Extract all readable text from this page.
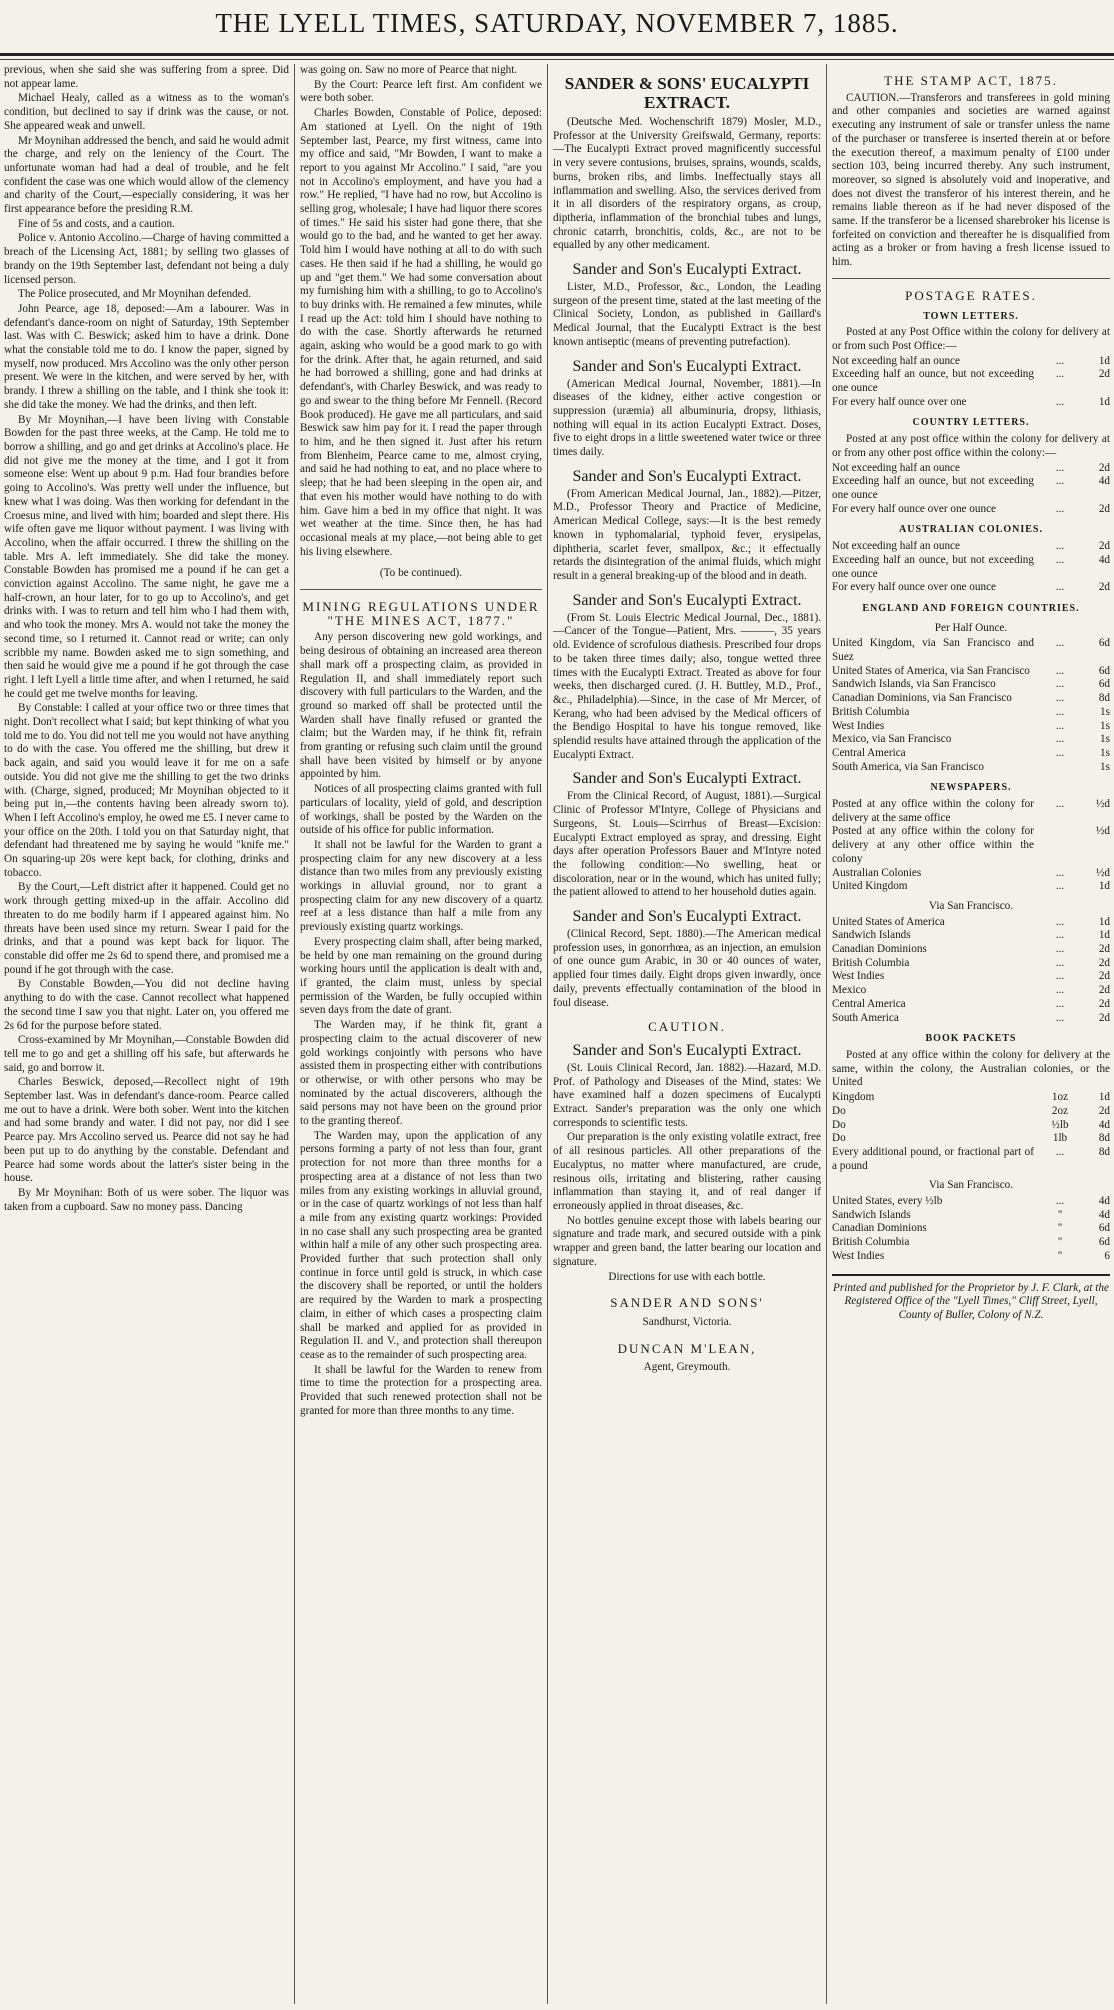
THE LYELL TIMES, SATURDAY, NOVEMBER 7, 1885.

previous, when she said she was suffering from a spree. Did not appear lame.

Michael Healy, called as a witness as to the woman's condition, but declined to say if drink was the cause, or not. She appeared weak and unwell.

Mr Moynihan addressed the bench, and said he would admit the charge, and rely on the leniency of the Court. The unfortunate woman had had a deal of trouble, and he felt confident the case was one which would allow of the clemency and charity of the Court,—especially considering, it was her first appearance before the presiding R.M.

Fine of 5s and costs, and a caution.

Police v. Antonio Accolino.—Charge of having committed a breach of the Licensing Act, 1881; by selling two glasses of brandy on the 19th September last, defendant not being a duly licensed person.

The Police prosecuted, and Mr Moynihan defended.

John Pearce, age 18, deposed:—Am a labourer. Was in defendant's dance-room on night of Saturday, 19th September last. Was with C. Beswick; asked him to have a drink. Done what the constable told me to do. I know the paper, signed by myself, now produced. Mrs Accolino was the only other person present. We were in the kitchen, and were served by her, with brandy. I threw a shilling on the table, and I think she took it: she did take the money. We had the drinks, and then left.

By Mr Moynihan,—I have been living with Constable Bowden for the past three weeks, at the Camp. He told me to borrow a shilling, and go and get drinks at Accolino's place. He did not give me the money at the time, and I got it from someone else: Went up about 9 p.m. Had four brandies before going to Accolino's. Was pretty well under the influence, but knew what I was doing. Was then working for defendant in the Croesus mine, and lived with him; boarded and slept there. His wife often gave me liquor without payment. I was living with Accolino, when the affair occurred. I threw the shilling on the table. Mrs A. left immediately. She did take the money. Constable Bowden has promised me a pound if he can get a conviction against Accolino. The same night, he gave me a half-crown, an hour later, for to go up to Accolino's, and get drinks with. I was to return and tell him who I had them with, and who took the money. Mrs A. would not take the money the second time, so I returned it. Cannot read or write; can only scribble my name. Bowden asked me to sign something, and then said he would give me a pound if he got through the case right. I left Lyell a little time after, and when I returned, he said he could get me twelve months for leaving.

By Constable: I called at your office two or three times that night. Don't recollect what I said; but kept thinking of what you told me to do. You did not tell me you would not have anything to do with the case. You offered me the shilling, but drew it back again, and said you would leave it for me on a safe outside. You did not give me the shilling to get the two drinks with. (Charge, signed, produced; Mr Moynihan objected to it being put in,—the contents having been already sworn to). When I left Accolino's employ, he owed me £5. I never came to your office on the 20th. I told you on that Saturday night, that defendant had threatened me by saying he would "knife me." On squaring-up 20s were kept back, for clothing, drinks and tobacco.

By the Court,—Left district after it happened. Could get no work through getting mixed-up in the affair. Accolino did threaten to do me bodily harm if I appeared against him. No threats have been used since my return. Swear I paid for the drinks, and that a pound was kept back for liquor. The constable did offer me 2s 6d to spend there, and promised me a pound if he got through with the case.

By Constable Bowden,—You did not decline having anything to do with the case. Cannot recollect what happened the second time I saw you that night. Later on, you offered me 2s 6d for the purpose before stated.

Cross-examined by Mr Moynihan,—Constable Bowden did tell me to go and get a shilling off his safe, but afterwards he said, go and borrow it.

Charles Beswick, deposed,—Recollect night of 19th September last. Was in defendant's dance-room. Pearce called me out to have a drink. Were both sober. Went into the kitchen and had some brandy and water. I did not pay, nor did I see Pearce pay. Mrs Accolino served us. Pearce did not say he had been put up to do anything by the constable. Defendant and Pearce had some words about the latter's sister being in the house.

By Mr Moynihan: Both of us were sober. The liquor was taken from a cupboard. Saw no money pass. Dancing

was going on. Saw no more of Pearce that night.

By the Court: Pearce left first. Am confident we were both sober.

Charles Bowden, Constable of Police, deposed: Am stationed at Lyell. On the night of 19th September last, Pearce, my first witness, came into my office and said, "Mr Bowden, I want to make a report to you against Mr Accolino." I said, "are you not in Accolino's employment, and have you had a row." He replied, "I have had no row, but Accolino is selling grog, wholesale; I have had liquor there scores of times." He said his sister had gone there, that she would go to the bad, and he wanted to get her away. Told him I would have nothing at all to do with such cases. He then said if he had a shilling, he would go up and "get them." We had some conversation about my furnishing him with a shilling, to go to Accolino's to buy drinks with. He remained a few minutes, while I read up the Act: told him I should have nothing to do with the case. Shortly afterwards he returned again, asking who would be a good mark to go with for the drink. After that, he again returned, and said he had borrowed a shilling, gone and had drinks at defendant's, with Charley Beswick, and was ready to go and swear to the thing before Mr Fennell. (Record Book produced). He gave me all particulars, and said Beswick saw him pay for it. I read the paper through to him, and he then signed it. Just after his return from Blenheim, Pearce came to me, almost crying, and said he had nothing to eat, and no place where to sleep; that he had been sleeping in the open air, and that even his mother would have nothing to do with him. Gave him a bed in my office that night. It was wet weather at the time. Since then, he has had occasional meals at my place,—not being able to get his living elsewhere.

(To be continued).
MINING REGULATIONS UNDER "THE MINES ACT, 1877."

Any person discovering new gold workings, and being desirous of obtaining an increased area thereon shall mark off a prospecting claim, as provided in Regulation II, and shall immediately report such discovery with full particulars to the Warden, and the ground so marked off shall be protected until the Warden shall have finally refused or granted the claim; but the Warden may, if he think fit, refrain from granting or refusing such claim until the ground shall have been visited by himself or by anyone appointed by him.

Notices of all prospecting claims granted with full particulars of locality, yield of gold, and description of workings, shall be posted by the Warden on the outside of his office for public information.

It shall not be lawful for the Warden to grant a prospecting claim for any new discovery at a less distance than two miles from any previously existing workings in alluvial ground, nor to grant a prospecting claim for any new discovery of a quartz reef at a less distance than half a mile from any previously existing quartz workings.

Every prospecting claim shall, after being marked, be held by one man remaining on the ground during working hours until the application is dealt with and, if granted, the claim must, unless by special permission of the Warden, be fully occupied within seven days from the date of grant.

The Warden may, if he think fit, grant a prospecting claim to the actual discoverer of new gold workings conjointly with persons who have assisted them in prospecting either with contributions or otherwise, or with other persons who may be nominated by the actual discoverers, although the said persons may not have been on the ground prior to the granting thereof.

The Warden may, upon the application of any persons forming a party of not less than four, grant protection for not more than three months for a prospecting area at a distance of not less than two miles from any existing workings in alluvial ground, or in the case of quartz workings of not less than half a mile from any existing quartz workings: Provided in no case shall any such prospecting area be granted within half a mile of any other such prospecting area. Provided further that such protection shall only continue in force until gold is struck, in which case the discovery shall be reported, or until the holders are required by the Warden to mark a prospecting claim, in either of which cases a prospecting claim shall be marked and applied for as provided in Regulation II. and V., and protection shall thereupon cease as to the remainder of such prospecting area.

It shall be lawful for the Warden to renew from time to time the protection for a prospecting area. Provided that such renewed protection shall not be granted for more than three months to any time.

SANDER & SONS' EUCALYPTI EXTRACT.

(Deutsche Med. Wochenschrift 1879) Mosler, M.D., Professor at the University Greifswald, Germany, reports:—The Eucalypti Extract proved magnificently successful in very severe contusions, bruises, sprains, wounds, scalds, burns, broken ribs, and limbs. Ineffectually stays all inflammation and swelling. Also, the services derived from it in all disorders of the respiratory organs, as croup, diptheria, inflammation of the bronchial tubes and lungs, chronic catarrh, bronchitis, colds, &c., are not to be equalled by any other medicament.

Sander and Son's Eucalypti Extract.

Lister, M.D., Professor, &c., London, the Leading surgeon of the present time, stated at the last meeting of the Clinical Society, London, as published in Gaillard's Medical Journal, that the Eucalypti Extract is the best known antiseptic (means of preventing putrefaction).

Sander and Son's Eucalypti Extract.

(American Medical Journal, November, 1881).—In diseases of the kidney, either active congestion or suppression (uræmia) all albuminuria, dropsy, lithiasis, nothing will equal in its action Eucalypti Extract. Doses, five to eight drops in a little sweetened water twice or three times daily.

Sander and Son's Eucalypti Extract.

(From American Medical Journal, Jan., 1882).—Pitzer, M.D., Professor Theory and Practice of Medicine, American Medical College, says:—It is the best remedy known in typhomalarial, typhoid fever, erysipelas, diphtheria, scarlet fever, smallpox, &c.; it effectually retards the disintegration of the animal fluids, which might result in a general breaking-up of the blood and in death.

Sander and Son's Eucalypti Extract.

(From St. Louis Electric Medical Journal, Dec., 1881).—Cancer of the Tongue—Patient, Mrs. ———, 35 years old. Evidence of scrofulous diathesis. Prescribed four drops to be taken three times daily; also, tongue wetted three times with the Eucalypti Extract. Treated as above for four weeks, then discharged cured. (J. H. Buttley, M.D., Prof., &c., Philadelphia).—Since, in the case of Mr Mercer, of Kerang, who had been advised by the Medical officers of the Bendigo Hospital to have his tongue removed, like splendid results have attained through the application of the Eucalypti Extract.

Sander and Son's Eucalypti Extract.

From the Clinical Record, of August, 1881).—Surgical Clinic of Professor M'Intyre, College of Physicians and Surgeons, St. Louis—Scirrhus of Breast—Excision: Eucalypti Extract employed as spray, and dressing. Eight days after operation Professors Bauer and M'Intyre noted the following condition:—No swelling, heat or discoloration, near or in the wound, which has united fully; the patient allowed to attend to her household duties again.

Sander and Son's Eucalypti Extract.

(Clinical Record, Sept. 1880).—The American medical profession uses, in gonorrhœa, as an injection, an emulsion of one ounce gum Arabic, in 30 or 40 ounces of water, applied four times daily. Eight drops given inwardly, once daily, prevents effectually contamination of the blood in foul disease.

CAUTION.
Sander and Son's Eucalypti Extract.

(St. Louis Clinical Record, Jan. 1882).—Hazard, M.D. Prof. of Pathology and Diseases of the Mind, states: We have examined half a dozen specimens of Eucalypti Extract. Sander's preparation was the only one which corresponds to scientific tests.

Our preparation is the only existing volatile extract, free of all resinous particles. All other preparations of the Eucalyptus, no matter where manufactured, are crude, resinous oils, irritating and blistering, rather causing inflammation than staying it, and of real danger if erroneously applied in throat diseases, &c.

No bottles genuine except those with labels bearing our signature and trade mark, and secured outside with a pink wrapper and green band, the latter bearing our location and signature.

Directions for use with each bottle.

SANDER AND SONS'
Sandhurst, Victoria.
DUNCAN M'LEAN,
Agent, Greymouth.
THE STAMP ACT, 1875.

CAUTION.—Transferors and transferees in gold mining and other companies and societies are warned against executing any instrument of sale or transfer unless the name of the purchaser or transferee is inserted therein at or before the execution thereof, a maximum penalty of £100 under section 103, being incurred thereby. Any such instrument, moreover, so signed is absolutely void and inoperative, and does not divest the transferor of his interest therein, and he remains liable thereon as if he had never disposed of the same. If the transferor be a licensed sharebroker his license is forfeited on conviction and thereafter he is disqualified from acting as a broker or from having a fresh license issued to him.

POSTAGE RATES.
TOWN LETTERS.

Posted at any Post Office within the colony for delivery at or from such Post Office:—

Not exceeding half an ounce	...	1d
Exceeding half an ounce, but not exceeding one ounce
...	2d
For every half ounce over one	...	1d
COUNTRY LETTERS.

Posted at any post office within the colony for delivery at or from any other post office within the colony:—

Not exceeding half an ounce	...	2d
Exceeding half an ounce, but not exceeding one ounce
...	4d
For every half ounce over one ounce	...	2d
AUSTRALIAN COLONIES.
Not exceeding half an ounce	...	2d
Exceeding half an ounce, but not exceeding one ounce
...	4d
For every half ounce over one ounce	...	2d
ENGLAND AND FOREIGN COUNTRIES.
Per Half Ounce.
United Kingdom, via San Francisco and Suez
...	6d
United States of America, via San Francisco	...	6d
Sandwich Islands, via San Francisco	...	6d
Canadian Dominions, via San Francisco	...	8d
British Columbia	...	1s
West Indies	...	1s
Mexico, via San Francisco	...	1s
Central America	...	1s
South America, via San Francisco	1s
NEWSPAPERS.
Posted at any office within the colony for delivery at the same office
...	½d
Posted at any office within the colony for delivery at any other office within the colony
½d
Australian Colonies	...	½d
United Kingdom	...	1d
Via San Francisco.
United States of America	...	1d
Sandwich Islands	...	1d
Canadian Dominions	...	2d
British Columbia	...	2d
West Indies	...	2d
Mexico	...	2d
Central America	...	2d
South America	...	2d
BOOK PACKETS

Posted at any office within the colony for delivery at the same, within the colony, the Australian colonies, or the United

Kingdom	1oz	1d
Do	2oz	2d
Do	½lb	4d
Do	1lb	8d
Every additional pound, or fractional part of a pound
...	8d
Via San Francisco.
United States, every ½lb	...	4d
Sandwich Islands	"	4d
Canadian Dominions	"	6d
British Columbia	"	6d
West Indies	"	6
Printed and published for the Proprietor by J. F. Clark, at the Registered Office of the "Lyell Times," Cliff Street, Lyell, County of Buller, Colony of N.Z.
